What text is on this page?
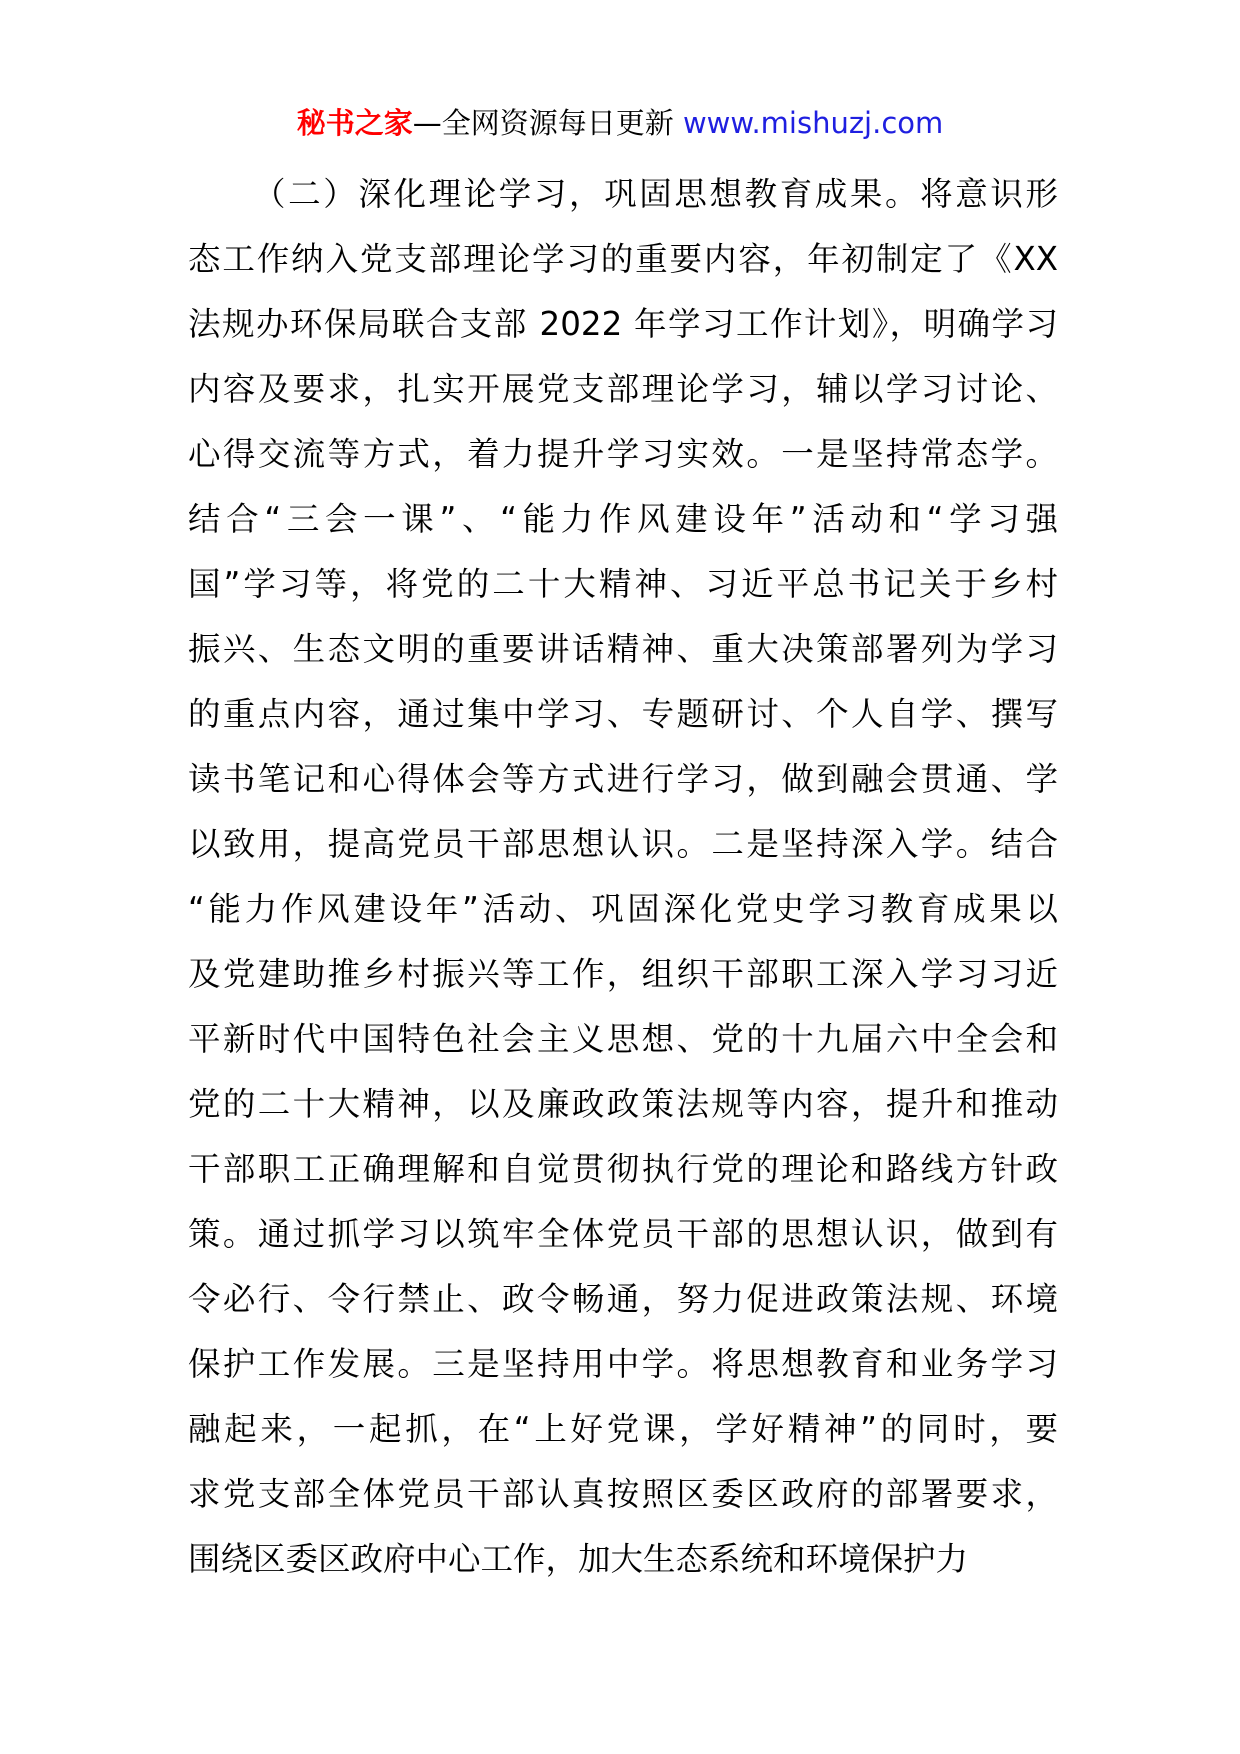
秘书之家—全网资源每日更新 www.mishuzj.com
（二）深化理论学习，巩固思想教育成果。将意识形
态工作纳入党支部理论学习的重要内容，年初制定了《XX
法规办环保局联合支部 2022 年学习工作计划》，明确学习
内容及要求，扎实开展党支部理论学习，辅以学习讨论、
心得交流等方式，着力提升学习实效。一是坚持常态学。
结合“三会一课”、“能力作风建设年”活动和“学习强
国”学习等，将党的二十大精神、习近平总书记关于乡村
振兴、生态文明的重要讲话精神、重大决策部署列为学习
的重点内容，通过集中学习、专题研讨、个人自学、撰写
读书笔记和心得体会等方式进行学习，做到融会贯通、学
以致用，提高党员干部思想认识。二是坚持深入学。结合
“能力作风建设年”活动、巩固深化党史学习教育成果以
及党建助推乡村振兴等工作，组织干部职工深入学习习近
平新时代中国特色社会主义思想、党的十九届六中全会和
党的二十大精神，以及廉政政策法规等内容，提升和推动
干部职工正确理解和自觉贯彻执行党的理论和路线方针政
策。通过抓学习以筑牢全体党员干部的思想认识，做到有
令必行、令行禁止、政令畅通，努力促进政策法规、环境
保护工作发展。三是坚持用中学。将思想教育和业务学习
融起来，一起抓，在“上好党课，学好精神”的同时，要
求党支部全体党员干部认真按照区委区政府的部署要求，
围绕区委区政府中心工作，加大生态系统和环境保护力
